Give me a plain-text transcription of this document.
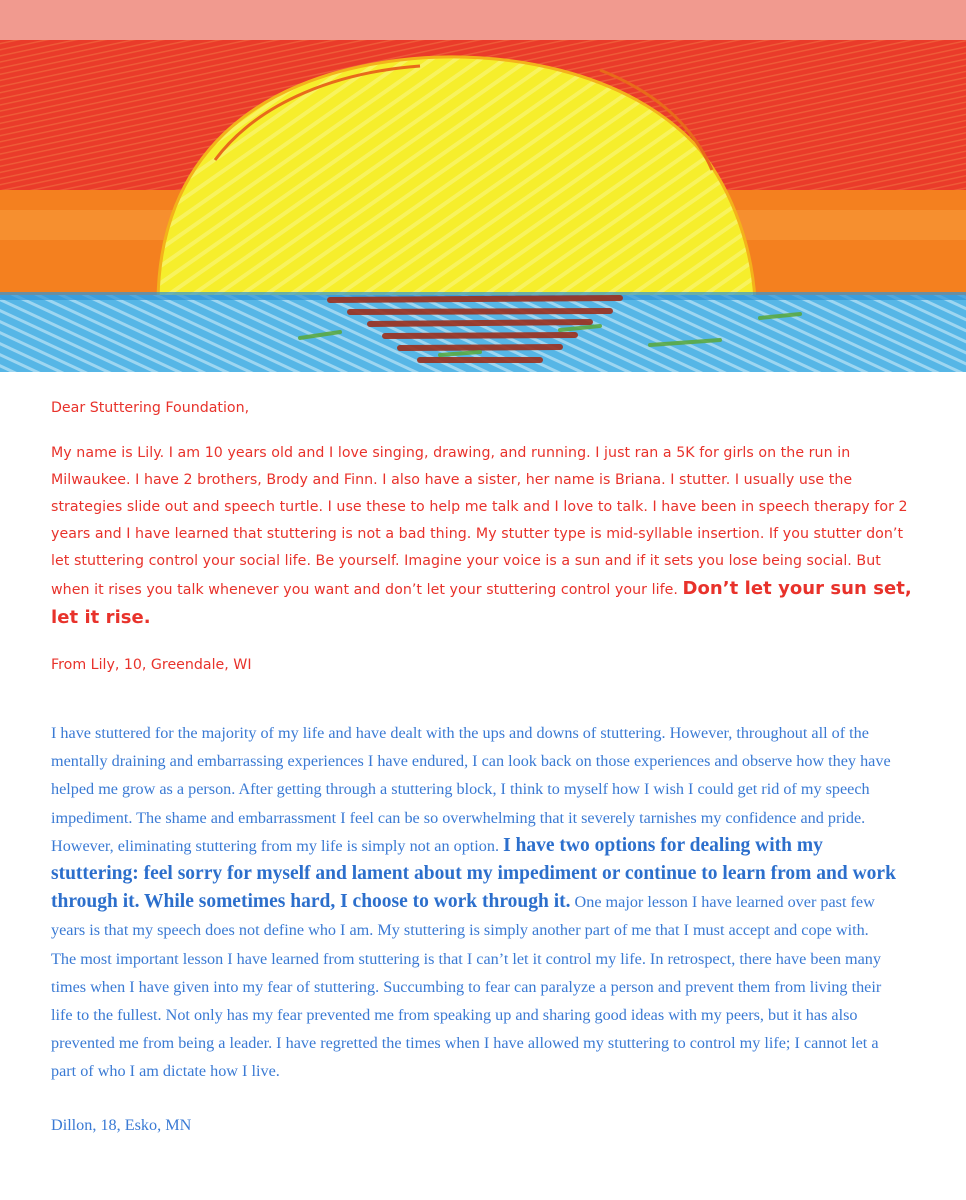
Dear Stuttering Foundation,

My name is Lily. I am 10 years old and I love singing, drawing, and running. I just ran a 5K for girls on the run in Milwaukee. I have 2 brothers, Brody and Finn. I also have a sister, her name is Briana. I stutter. I usually use the strategies slide out and speech turtle. I use these to help me talk and I love to talk. I have been in speech therapy for 2 years and I have learned that stuttering is not a bad thing. My stutter type is mid-syllable insertion. If you stutter don’t let stuttering control your social life. Be yourself. Imagine your voice is a sun and if it sets you lose being social. But when it rises you talk whenever you want and don’t let your stuttering control your life. Don’t let your sun set, let it rise.

From Lily, 10, Greendale, WI

I have stuttered for the majority of my life and have dealt with the ups and downs of stuttering. However, throughout all of the mentally draining and embarrassing experiences I have endured, I can look back on those experiences and observe how they have helped me grow as a person. After getting through a stuttering block, I think to myself how I wish I could get rid of my speech impediment. The shame and embarrassment I feel can be so overwhelming that it severely tarnishes my confidence and pride. However, eliminating stuttering from my life is simply not an option. I have two options for dealing with my stuttering: feel sorry for myself and lament about my impediment or continue to learn from and work through it. While sometimes hard, I choose to work through it. One major lesson I have learned over past few years is that my speech does not define who I am. My stuttering is simply another part of me that I must accept and cope with. The most important lesson I have learned from stuttering is that I can’t let it control my life. In retrospect, there have been many times when I have given into my fear of stuttering. Succumbing to fear can paralyze a person and prevent them from living their life to the fullest. Not only has my fear prevented me from speaking up and sharing good ideas with my peers, but it has also prevented me from being a leader. I have regretted the times when I have allowed my stuttering to control my life; I cannot let a part of who I am dictate how I live.

Dillon, 18, Esko, MN
